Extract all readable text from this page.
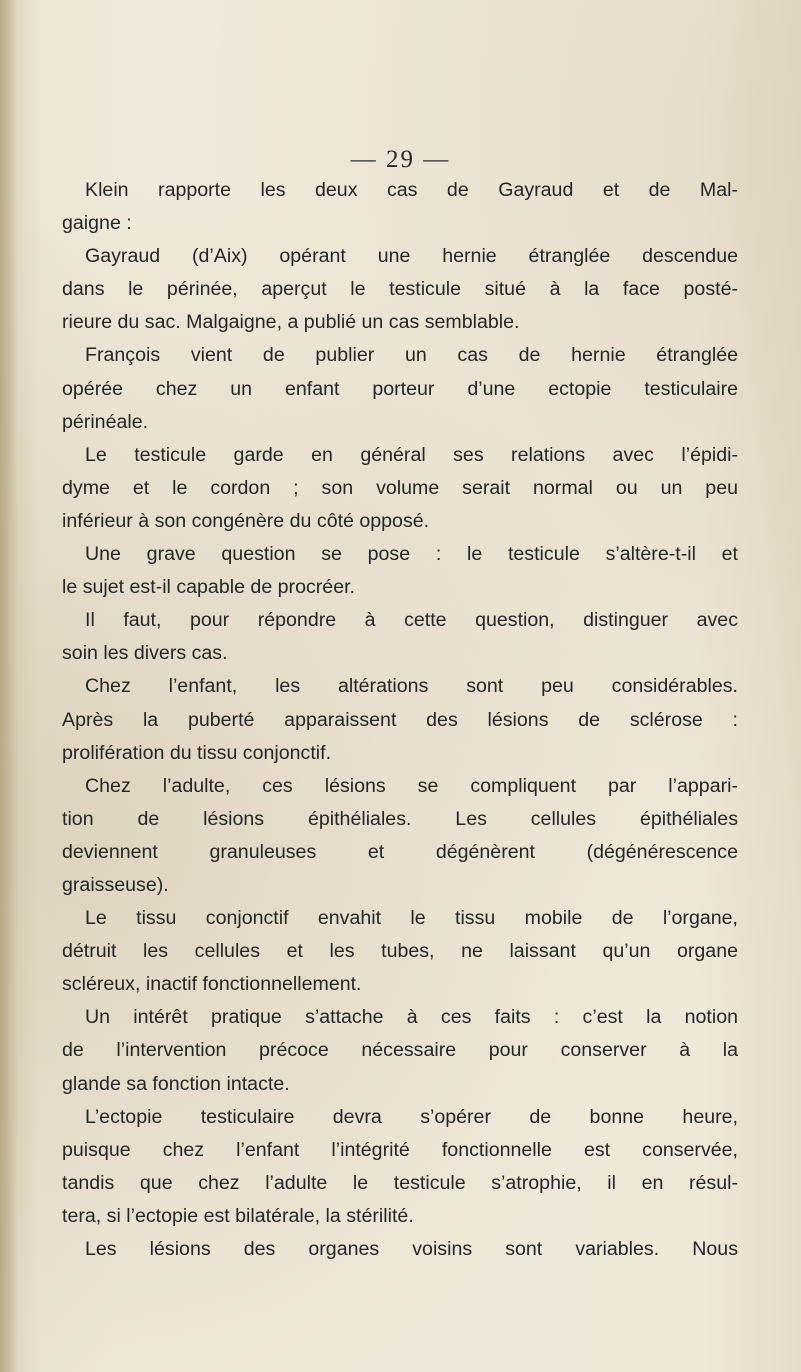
— 29 —

Klein rapporte les deux cas de Gayraud et de Mal-
gaigne :

Gayraud (d’Aix) opérant une hernie étranglée descendue
dans le périnée, aperçut le testicule situé à la face posté-
rieure du sac. Malgaigne, a publié un cas semblable.

François vient de publier un cas de hernie étranglée
opérée chez un enfant porteur d’une ectopie testiculaire
périnéale.

Le testicule garde en général ses relations avec l’épidi-
dyme et le cordon ; son volume serait normal ou un peu
inférieur à son congénère du côté opposé.

Une grave question se pose : le testicule s’altère-t-il et
le sujet est-il capable de procréer.

Il faut, pour répondre à cette question, distinguer avec
soin les divers cas.

Chez l’enfant, les altérations sont peu considérables.
Après la puberté apparaissent des lésions de sclérose :
prolifération du tissu conjonctif.

Chez l’adulte, ces lésions se compliquent par l’appari-
tion de lésions épithéliales. Les cellules épithéliales
deviennent granuleuses et dégénèrent (dégénérescence
graisseuse).

Le tissu conjonctif envahit le tissu mobile de l’organe,
détruit les cellules et les tubes, ne laissant qu’un organe
scléreux, inactif fonctionnellement.

Un intérêt pratique s’attache à ces faits : c’est la notion
de l’intervention précoce nécessaire pour conserver à la
glande sa fonction intacte.

L’ectopie testiculaire devra s’opérer de bonne heure,
puisque chez l’enfant l’intégrité fonctionnelle est conservée,
tandis que chez l’adulte le testicule s’atrophie, il en résul-
tera, si l’ectopie est bilatérale, la stérilité.

Les lésions des organes voisins sont variables. Nous
